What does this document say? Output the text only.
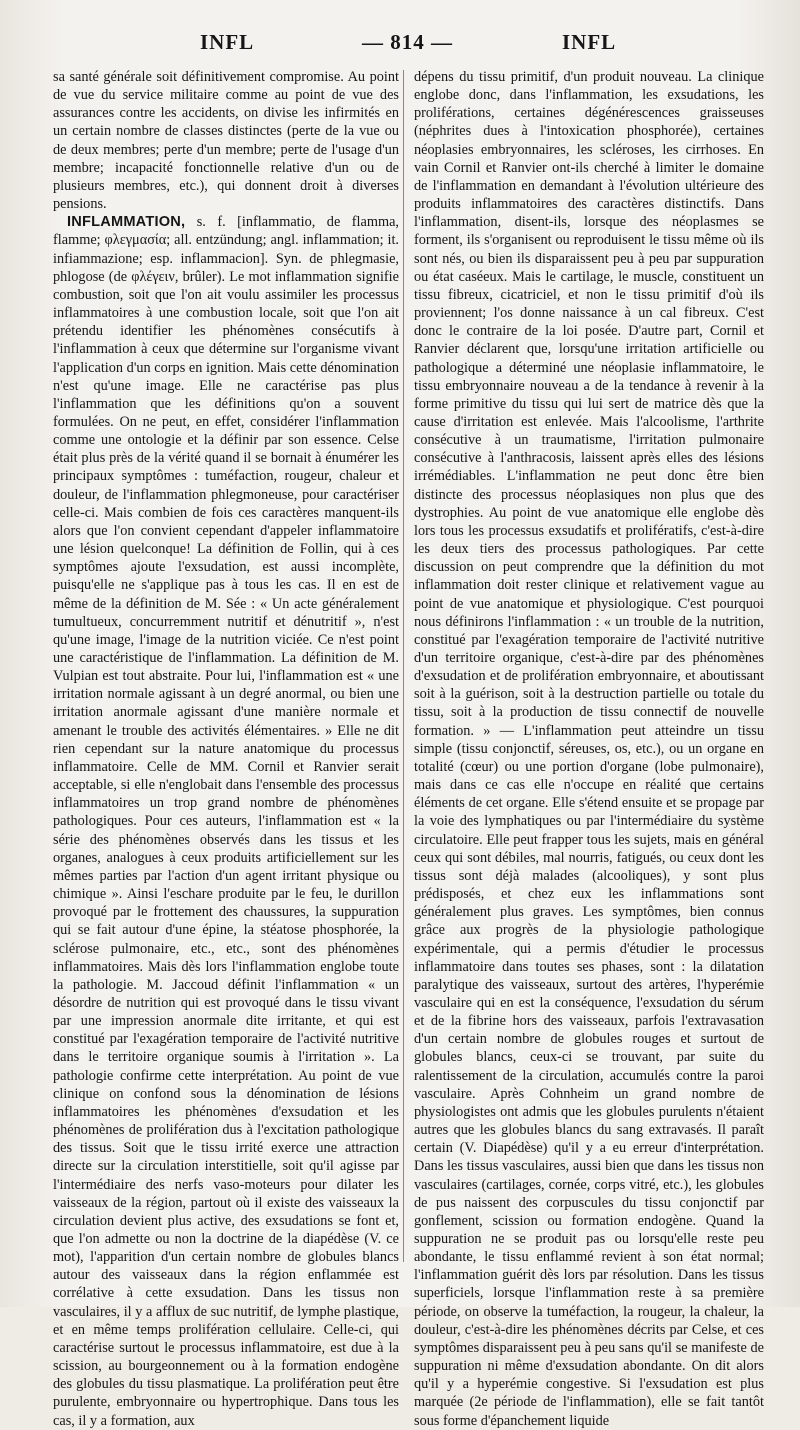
INFL	— 814 —	INFL

sa santé générale soit définitivement compromise. Au point de vue du service militaire comme au point de vue des assurances contre les accidents, on divise les infirmités en un certain nombre de classes distinctes (perte de la vue ou de deux membres; perte d'un membre; perte de l'usage d'un membre; incapacité fonctionnelle relative d'un ou de plusieurs membres, etc.), qui donnent droit à diverses pensions.

INFLAMMATION, s. f. [inflammatio, de flamma, flamme; φλεγμασία; all. entzündung; angl. inflammation; it. infiammazione; esp. inflammacion]. Syn. de phlegmasie, phlogose (de φλέγειν, brûler). Le mot inflammation signifie combustion, soit que l'on ait voulu assimiler les processus inflammatoires à une combustion locale, soit que l'on ait prétendu identifier les phénomènes consécutifs à l'inflammation à ceux que détermine sur l'organisme vivant l'application d'un corps en ignition. Mais cette dénomination n'est qu'une image. Elle ne caractérise pas plus l'inflammation que les définitions qu'on a souvent formulées. On ne peut, en effet, considérer l'inflammation comme une ontologie et la définir par son essence. Celse était plus près de la vérité quand il se bornait à énumérer les principaux symptômes : tuméfaction, rougeur, chaleur et douleur, de l'inflammation phlegmoneuse, pour caractériser celle-ci. Mais combien de fois ces caractères manquent-ils alors que l'on convient cependant d'appeler inflammatoire une lésion quelconque! La définition de Follin, qui à ces symptômes ajoute l'exsudation, est aussi incomplète, puisqu'elle ne s'applique pas à tous les cas. Il en est de même de la définition de M. Sée : « Un acte généralement tumultueux, concurremment nutritif et dénutritif », n'est qu'une image, l'image de la nutrition viciée. Ce n'est point une caractéristique de l'inflammation. La définition de M. Vulpian est tout abstraite. Pour lui, l'inflammation est « une irritation normale agissant à un degré anormal, ou bien une irritation anormale agissant d'une manière normale et amenant le trouble des activités élémentaires. » Elle ne dit rien cependant sur la nature anatomique du processus inflammatoire. Celle de MM. Cornil et Ranvier serait acceptable, si elle n'englobait dans l'ensemble des processus inflammatoires un trop grand nombre de phénomènes pathologiques. Pour ces auteurs, l'inflammation est « la série des phénomènes observés dans les tissus et les organes, analogues à ceux produits artificiellement sur les mêmes parties par l'action d'un agent irritant physique ou chimique ». Ainsi l'eschare produite par le feu, le durillon provoqué par le frottement des chaussures, la suppuration qui se fait autour d'une épine, la stéatose phosphorée, la sclérose pulmonaire, etc., etc., sont des phénomènes inflammatoires. Mais dès lors l'inflammation englobe toute la pathologie. M. Jaccoud définit l'inflammation « un désordre de nutrition qui est provoqué dans le tissu vivant par une impression anormale dite irritante, et qui est constitué par l'exagération temporaire de l'activité nutritive dans le territoire organique soumis à l'irritation ». La pathologie confirme cette interprétation. Au point de vue clinique on confond sous la dénomination de lésions inflammatoires les phénomènes d'exsudation et les phénomènes de prolifération dus à l'excitation pathologique des tissus. Soit que le tissu irrité exerce une attraction directe sur la circulation interstitielle, soit qu'il agisse par l'intermédiaire des nerfs vaso-moteurs pour dilater les vaisseaux de la région, partout où il existe des vaisseaux la circulation devient plus active, des exsudations se font et, que l'on admette ou non la doctrine de la diapédèse (V. ce mot), l'apparition d'un certain nombre de globules blancs autour des vaisseaux dans la région enflammée est corrélative à cette exsudation. Dans les tissus non vasculaires, il y a afflux de suc nutritif, de lymphe plastique, et en même temps prolifération cellulaire. Celle-ci, qui caractérise surtout le processus inflammatoire, est due à la scission, au bourgeonnement ou à la formation endogène des globules du tissu plasmatique. La prolifération peut être purulente, embryonnaire ou hypertrophique. Dans tous les cas, il y a formation, aux

dépens du tissu primitif, d'un produit nouveau. La clinique englobe donc, dans l'inflammation, les exsudations, les proliférations, certaines dégénérescences graisseuses (néphrites dues à l'intoxication phosphorée), certaines néoplasies embryonnaires, les scléroses, les cirrhoses. En vain Cornil et Ranvier ont-ils cherché à limiter le domaine de l'inflammation en demandant à l'évolution ultérieure des produits inflammatoires des caractères distinctifs. Dans l'inflammation, disent-ils, lorsque des néoplasmes se forment, ils s'organisent ou reproduisent le tissu même où ils sont nés, ou bien ils disparaissent peu à peu par suppuration ou état caséeux. Mais le cartilage, le muscle, constituent un tissu fibreux, cicatriciel, et non le tissu primitif d'où ils proviennent; l'os donne naissance à un cal fibreux. C'est donc le contraire de la loi posée. D'autre part, Cornil et Ranvier déclarent que, lorsqu'une irritation artificielle ou pathologique a déterminé une néoplasie inflammatoire, le tissu embryonnaire nouveau a de la tendance à revenir à la forme primitive du tissu qui lui sert de matrice dès que la cause d'irritation est enlevée. Mais l'alcoolisme, l'arthrite consécutive à un traumatisme, l'irritation pulmonaire consécutive à l'anthracosis, laissent après elles des lésions irrémédiables. L'inflammation ne peut donc être bien distincte des processus néoplasiques non plus que des dystrophies. Au point de vue anatomique elle englobe dès lors tous les processus exsudatifs et prolifératifs, c'est-à-dire les deux tiers des processus pathologiques. Par cette discussion on peut comprendre que la définition du mot inflammation doit rester clinique et relativement vague au point de vue anatomique et physiologique. C'est pourquoi nous définirons l'inflammation : « un trouble de la nutrition, constitué par l'exagération temporaire de l'activité nutritive d'un territoire organique, c'est-à-dire par des phénomènes d'exsudation et de prolifération embryonnaire, et aboutissant soit à la guérison, soit à la destruction partielle ou totale du tissu, soit à la production de tissu connectif de nouvelle formation. » — L'inflammation peut atteindre un tissu simple (tissu conjonctif, séreuses, os, etc.), ou un organe en totalité (cœur) ou une portion d'organe (lobe pulmonaire), mais dans ce cas elle n'occupe en réalité que certains éléments de cet organe. Elle s'étend ensuite et se propage par la voie des lymphatiques ou par l'intermédiaire du système circulatoire. Elle peut frapper tous les sujets, mais en général ceux qui sont débiles, mal nourris, fatigués, ou ceux dont les tissus sont déjà malades (alcooliques), y sont plus prédisposés, et chez eux les inflammations sont généralement plus graves. Les symptômes, bien connus grâce aux progrès de la physiologie pathologique expérimentale, qui a permis d'étudier le processus inflammatoire dans toutes ses phases, sont : la dilatation paralytique des vaisseaux, surtout des artères, l'hyperémie vasculaire qui en est la conséquence, l'exsudation du sérum et de la fibrine hors des vaisseaux, parfois l'extravasation d'un certain nombre de globules rouges et surtout de globules blancs, ceux-ci se trouvant, par suite du ralentissement de la circulation, accumulés contre la paroi vasculaire. Après Cohnheim un grand nombre de physiologistes ont admis que les globules purulents n'étaient autres que les globules blancs du sang extravasés. Il paraît certain (V. Diapédèse) qu'il y a eu erreur d'interprétation. Dans les tissus vasculaires, aussi bien que dans les tissus non vasculaires (cartilages, cornée, corps vitré, etc.), les globules de pus naissent des corpuscules du tissu conjonctif par gonflement, scission ou formation endogène. Quand la suppuration ne se produit pas ou lorsqu'elle reste peu abondante, le tissu enflammé revient à son état normal; l'inflammation guérit dès lors par résolution. Dans les tissus superficiels, lorsque l'inflammation reste à sa première période, on observe la tuméfaction, la rougeur, la chaleur, la douleur, c'est-à-dire les phénomènes décrits par Celse, et ces symptômes disparaissent peu à peu sans qu'il se manifeste de suppuration ni même d'exsudation abondante. On dit alors qu'il y a hyperémie congestive. Si l'exsudation est plus marquée (2e période de l'inflammation), elle se fait tantôt sous forme d'épanchement liquide
